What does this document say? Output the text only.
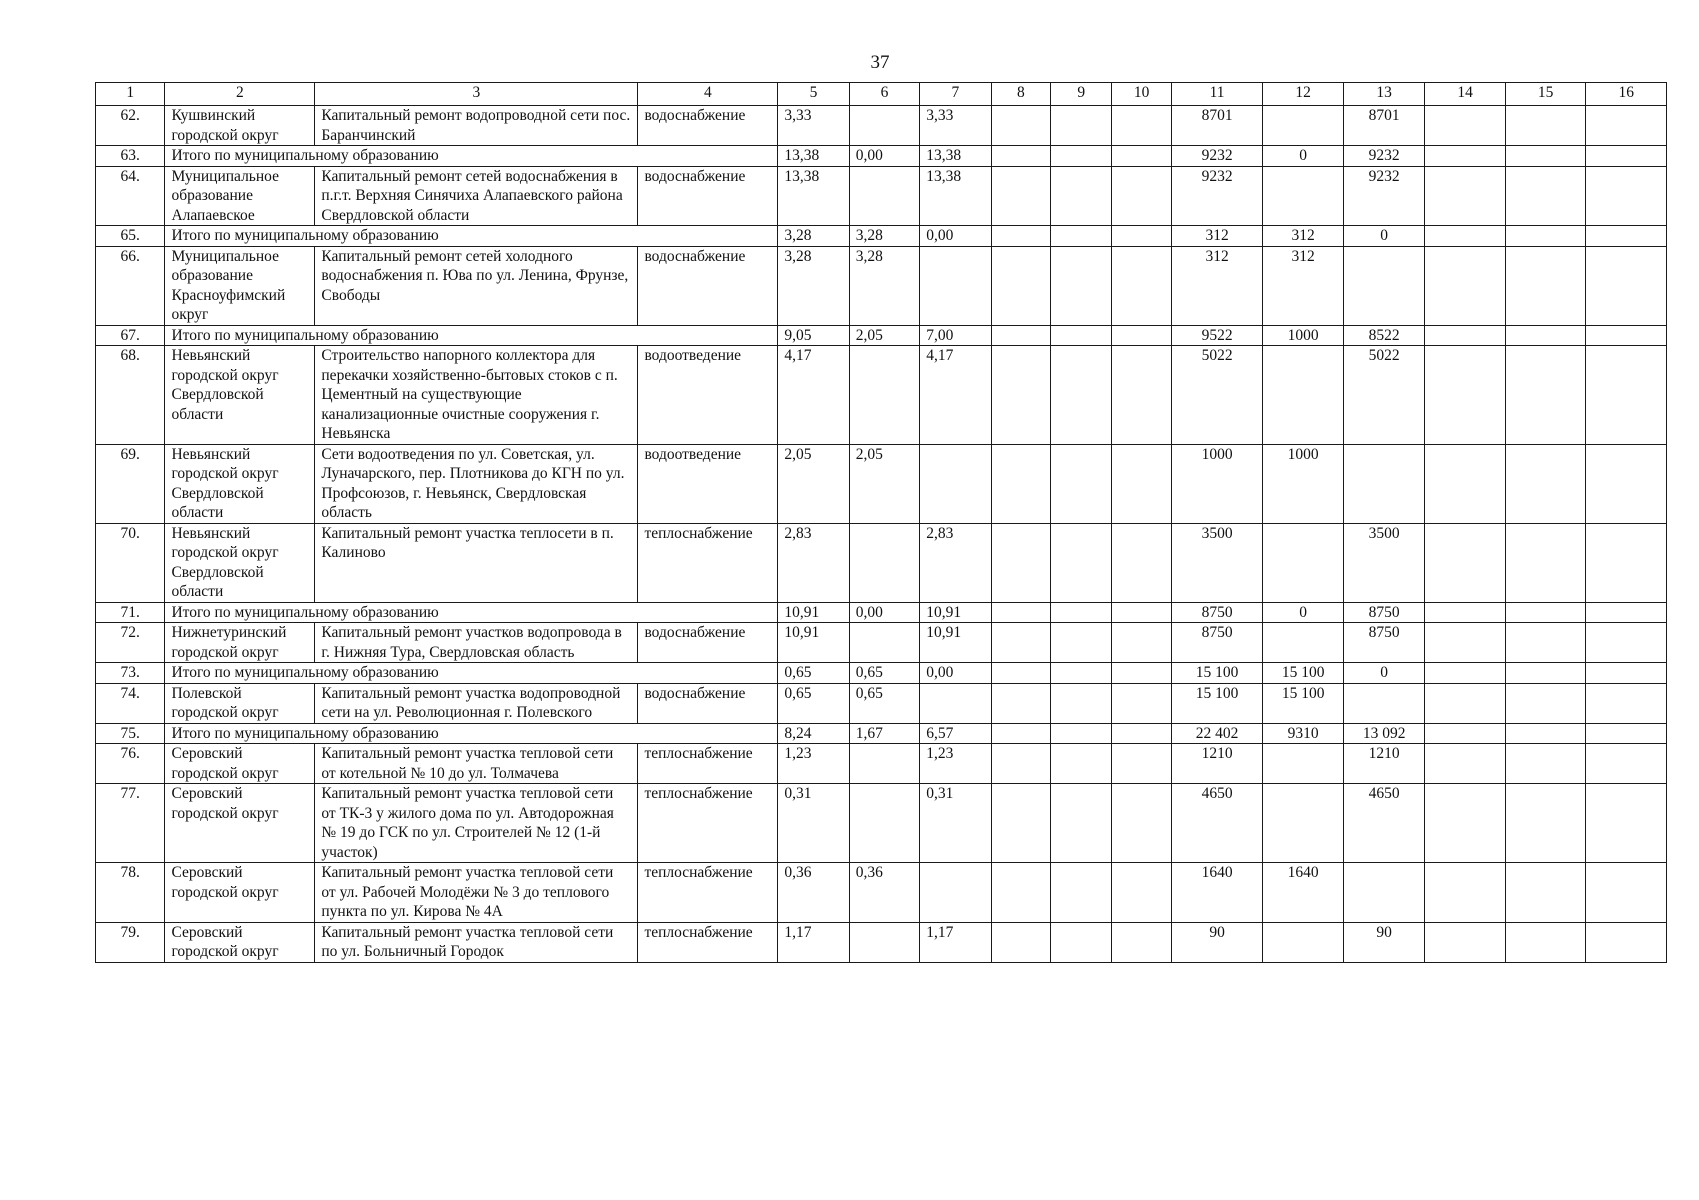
37
1	2	3	4	5	6	7	8	9	10	11	12	13	14	15	16
62.	Кушвинский городской округ	Капитальный ремонт водопроводной сети пос. Баранчинский	водоснабжение	3,33		3,33				8701		8701			
63.	Итого по муниципальному образованию			13,38	0,00	13,38				9232	0	9232			
64.	Муниципальное образование Алапаевское	Капитальный ремонт сетей водоснабжения в п.г.т. Верхняя Синячиха Алапаевского района Свердловской области	водоснабжение	13,38		13,38				9232		9232			
65.	Итого по муниципальному образованию			3,28	3,28	0,00				312	312	0			
66.	Муниципальное образование Красноуфимский округ	Капитальный ремонт сетей холодного водоснабжения п. Юва по ул. Ленина, Фрунзе, Свободы	водоснабжение	3,28	3,28					312	312				
67.	Итого по муниципальному образованию			9,05	2,05	7,00				9522	1000	8522			
68.	Невьянский городской округ Свердловской области	Строительство напорного коллектора для перекачки хозяйственно-бытовых стоков с п. Цементный на существующие канализационные очистные сооружения г. Невьянска	водоотведение	4,17		4,17				5022		5022			
69.	Невьянский городской округ Свердловской области	Сети водоотведения по ул. Советская, ул. Луначарского, пер. Плотникова до КГН по ул. Профсоюзов, г. Невьянск, Свердловская область	водоотведение	2,05	2,05					1000	1000				
70.	Невьянский городской округ Свердловской области	Капитальный ремонт участка теплосети в п. Калиново	теплоснабжение	2,83		2,83				3500		3500			
71.	Итого по муниципальному образованию			10,91	0,00	10,91				8750	0	8750			
72.	Нижнетуринский городской округ	Капитальный ремонт участков водопровода в г. Нижняя Тура, Свердловская область	водоснабжение	10,91		10,91				8750		8750			
73.	Итого по муниципальному образованию			0,65	0,65	0,00				15 100	15 100	0			
74.	Полевской городской округ	Капитальный ремонт участка водопроводной сети на ул. Революционная г. Полевского	водоснабжение	0,65	0,65					15 100	15 100				
75.	Итого по муниципальному образованию			8,24	1,67	6,57				22 402	9310	13 092			
76.	Серовский городской округ	Капитальный ремонт участка тепловой сети от котельной № 10 до ул. Толмачева	теплоснабжение	1,23		1,23				1210		1210			
77.	Серовский городской округ	Капитальный ремонт участка тепловой сети от ТК-3 у жилого дома по ул. Автодорожная № 19 до ГСК по ул. Строителей № 12 (1-й участок)	теплоснабжение	0,31		0,31				4650		4650			
78.	Серовский городской округ	Капитальный ремонт участка тепловой сети от ул. Рабочей Молодёжи № 3 до теплового пункта по ул. Кирова № 4А	теплоснабжение	0,36	0,36					1640	1640				
79.	Серовский городской округ	Капитальный ремонт участка тепловой сети по ул. Больничный Городок	теплоснабжение	1,17		1,17				90		90			
